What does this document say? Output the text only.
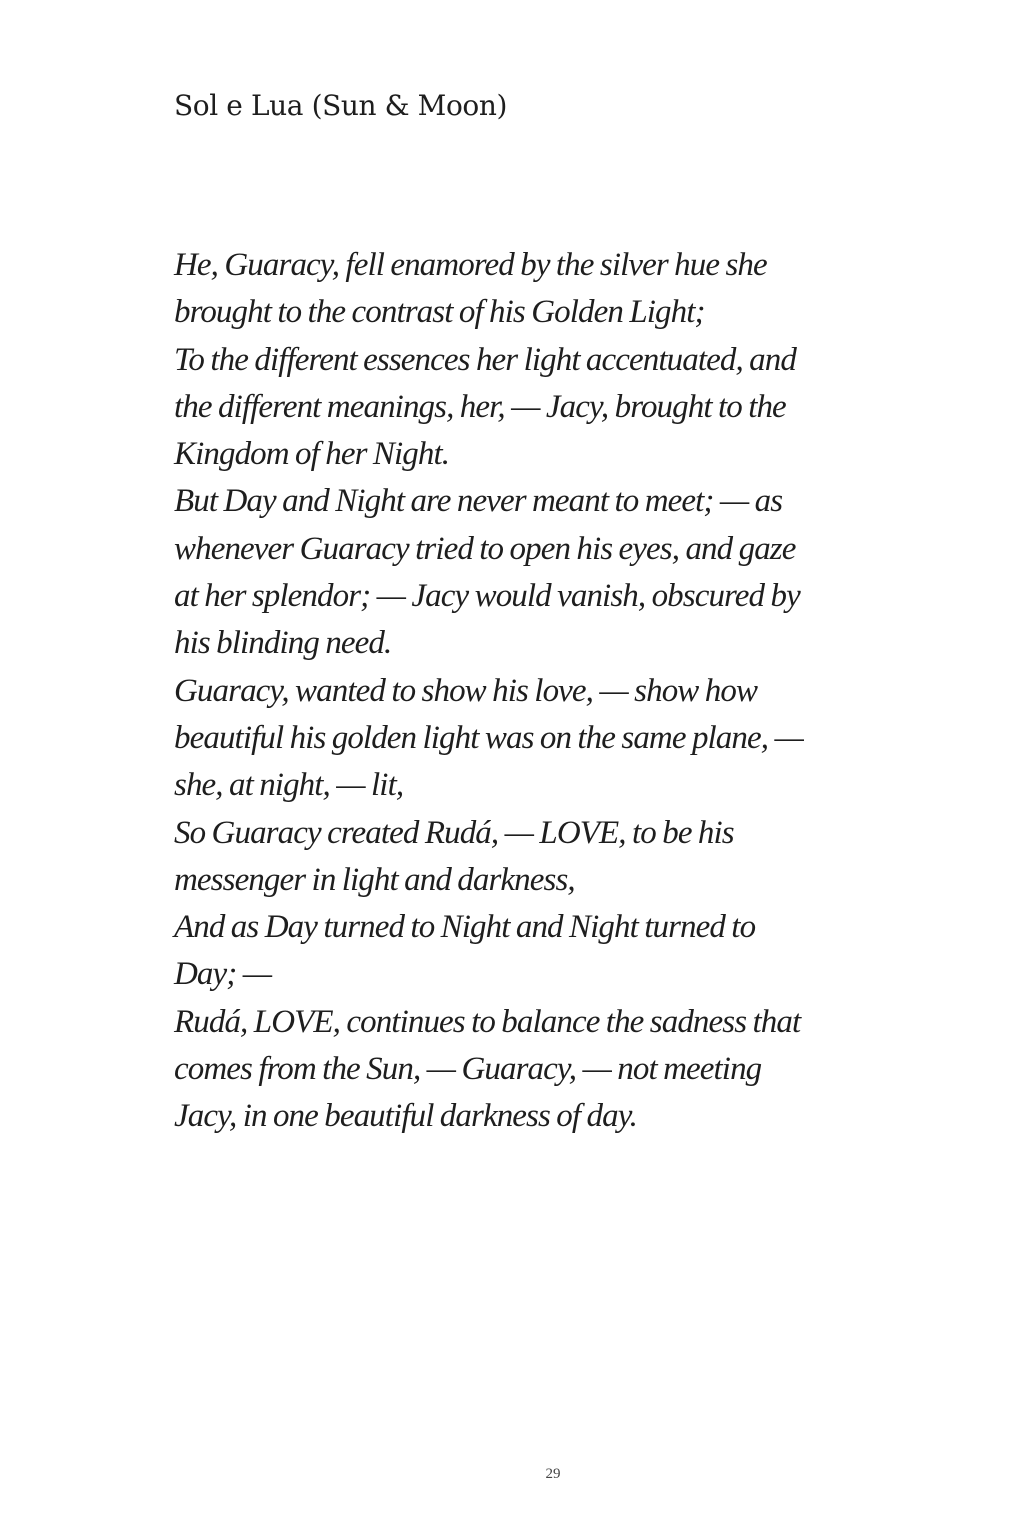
Sol e Lua (Sun & Moon)
He, Guaracy, fell enamored by the silver hue she
brought to the contrast of his Golden Light;
To the different essences her light accentuated, and
the different meanings, her, — Jacy, brought to the
Kingdom of her Night.
But Day and Night are never meant to meet; — as
whenever Guaracy tried to open his eyes, and gaze
at her splendor; — Jacy would vanish, obscured by
his blinding need.
Guaracy, wanted to show his love, — show how
beautiful his golden light was on the same plane, —
she, at night, — lit,
So Guaracy created Rudá, — LOVE, to be his
messenger in light and darkness,
And as Day turned to Night and Night turned to
Day; —
Rudá, LOVE, continues to balance the sadness that
comes from the Sun, — Guaracy, — not meeting
Jacy, in one beautiful darkness of day.
29
